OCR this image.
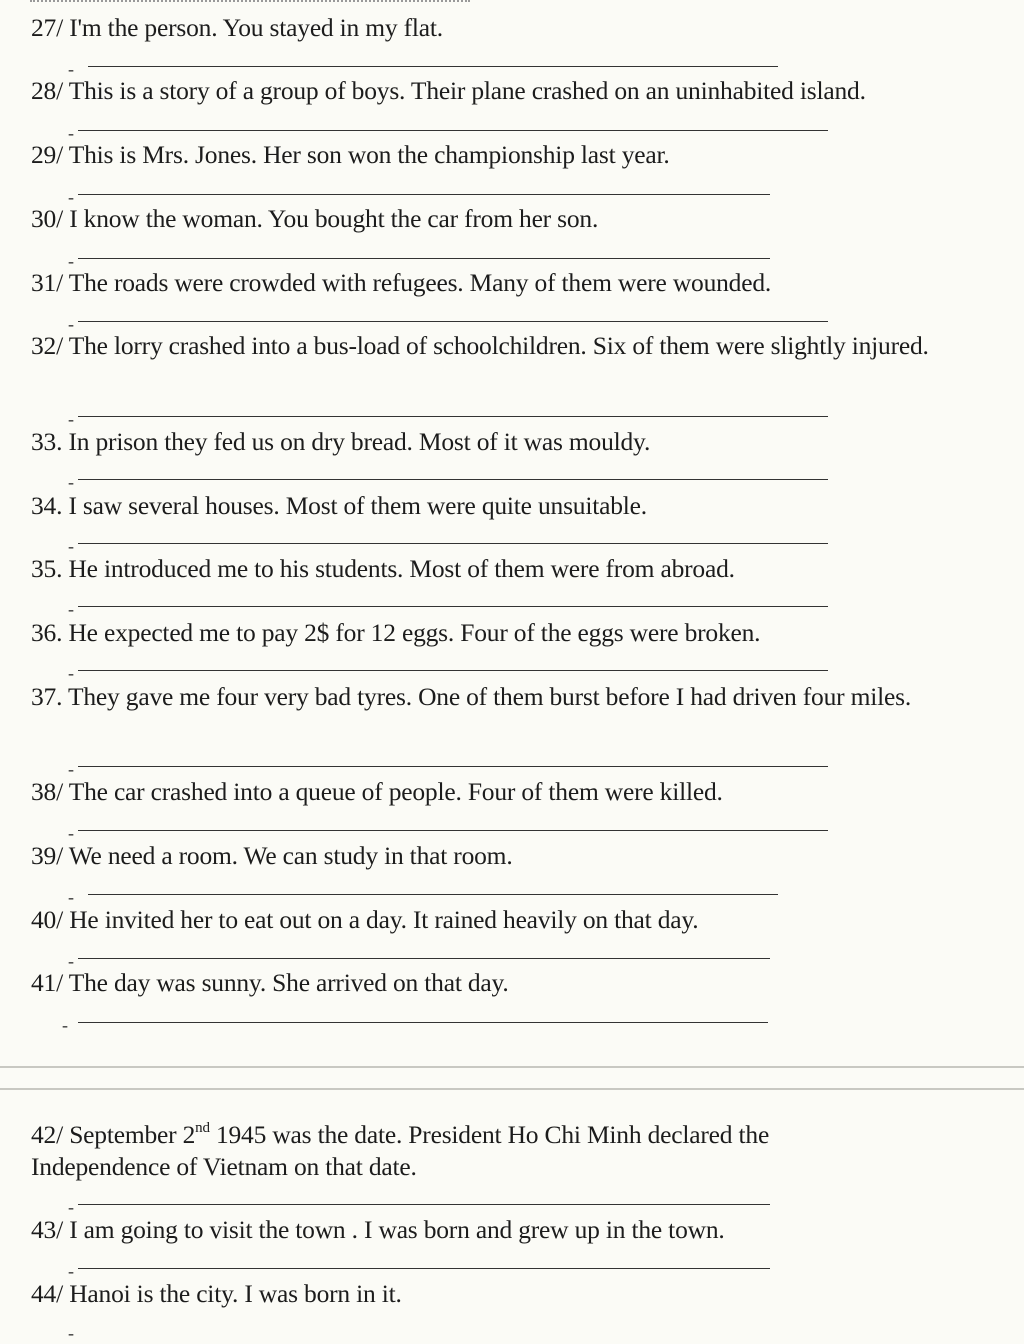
27/ I'm the person. You stayed in my flat.
-
28/ This is a story of a group of boys. Their plane crashed on an uninhabited island.
-
29/ This is Mrs. Jones. Her son won the championship last year.
-
30/ I know the woman. You bought the car from her son.
-
31/ The roads were crowded with refugees. Many of them were wounded.
-
32/ The lorry crashed into a bus-load of schoolchildren. Six of them were slightly injured.
-
33. In prison they fed us on dry bread. Most of it was mouldy.
-
34. I saw several houses. Most of them were quite unsuitable.
-
35. He introduced me to his students. Most of them were from abroad.
-
36. He expected me to pay 2$ for 12 eggs. Four of the eggs were broken.
-
37. They gave me four very bad tyres. One of them burst before I had driven four miles.
-
38/ The car crashed into a queue of people. Four of them were killed.
-
39/ We need a room. We can study in that room.
-
40/ He invited her to eat out on a day. It rained heavily on that day.
-
41/ The day was sunny. She arrived on that day.
-
42/ September 2nd 1945 was the date. President Ho Chi Minh declared the Independence of Vietnam on that date.
-
43/ I am going to visit the town . I was born and grew up in the town.
-
44/ Hanoi is the city. I was born in it.
-
